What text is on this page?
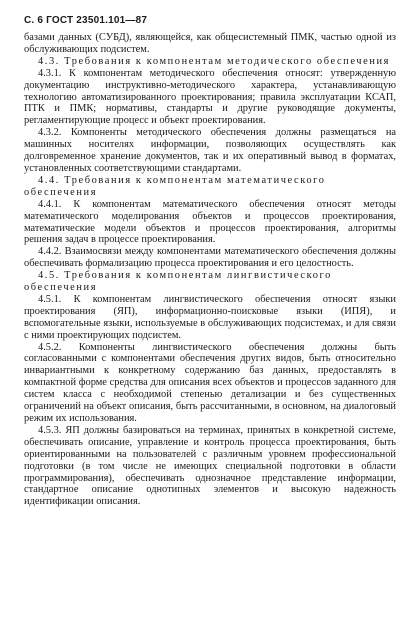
С. 6 ГОСТ 23501.101—87

базами данных (СУБД), являющейся, как общесистемный ПМК, частью одной из обслуживающих подсистем.

4.3. Требования к компонентам методического обеспечения

4.3.1. К компонентам методического обеспечения относят: утвержденную документацию инструктивно-методического характера, устанавливающую технологию автоматизированного проектирования; правила эксплуатации КСАП, ПТК и ПМК; нормативы, стандарты и другие руководящие документы, регламентирующие процесс и объект проектирования.

4.3.2. Компоненты методического обеспечения должны размещаться на машинных носителях информации, позволяющих осуществлять как долговременное хранение документов, так и их оперативный вывод в форматах, установленных соответствующими стандартами.

4.4. Требования к компонентам математического обеспечения

4.4.1. К компонентам математического обеспечения относят методы математического моделирования объектов и процессов проектирования, математические модели объектов и процессов проектирования, алгоритмы решения задач в процессе проектирования.

4.4.2. Взаимосвязи между компонентами математического обеспечения должны обеспечивать формализацию процесса проектирования и его целостность.

4.5. Требования к компонентам лингвистического обеспечения

4.5.1. К компонентам лингвистического обеспечения относят языки проектирования (ЯП), информационно-поисковые языки (ИПЯ), и вспомогательные языки, используемые в обслуживающих подсистемах, и для связи с ними проектирующих подсистем.

4.5.2. Компоненты лингвистического обеспечения должны быть согласованными с компонентами обеспечения других видов, быть относительно инвариантными к конкретному содержанию баз данных, предоставлять в компактной форме средства для описания всех объектов и процессов заданного для систем класса с необходимой степенью детализации и без существенных ограничений на объект описания, быть рассчитанными, в основном, на диалоговый режим их использования.

4.5.3. ЯП должны базироваться на терминах, принятых в конкретной системе, обеспечивать описание, управление и контроль процесса проектирования, быть ориентированными на пользователей с различным уровнем профессиональной подготовки (в том числе не имеющих специальной подготовки в области программирования), обеспечивать однозначное представление информации, стандартное описание однотипных элементов и высокую надежность идентификации описания.
